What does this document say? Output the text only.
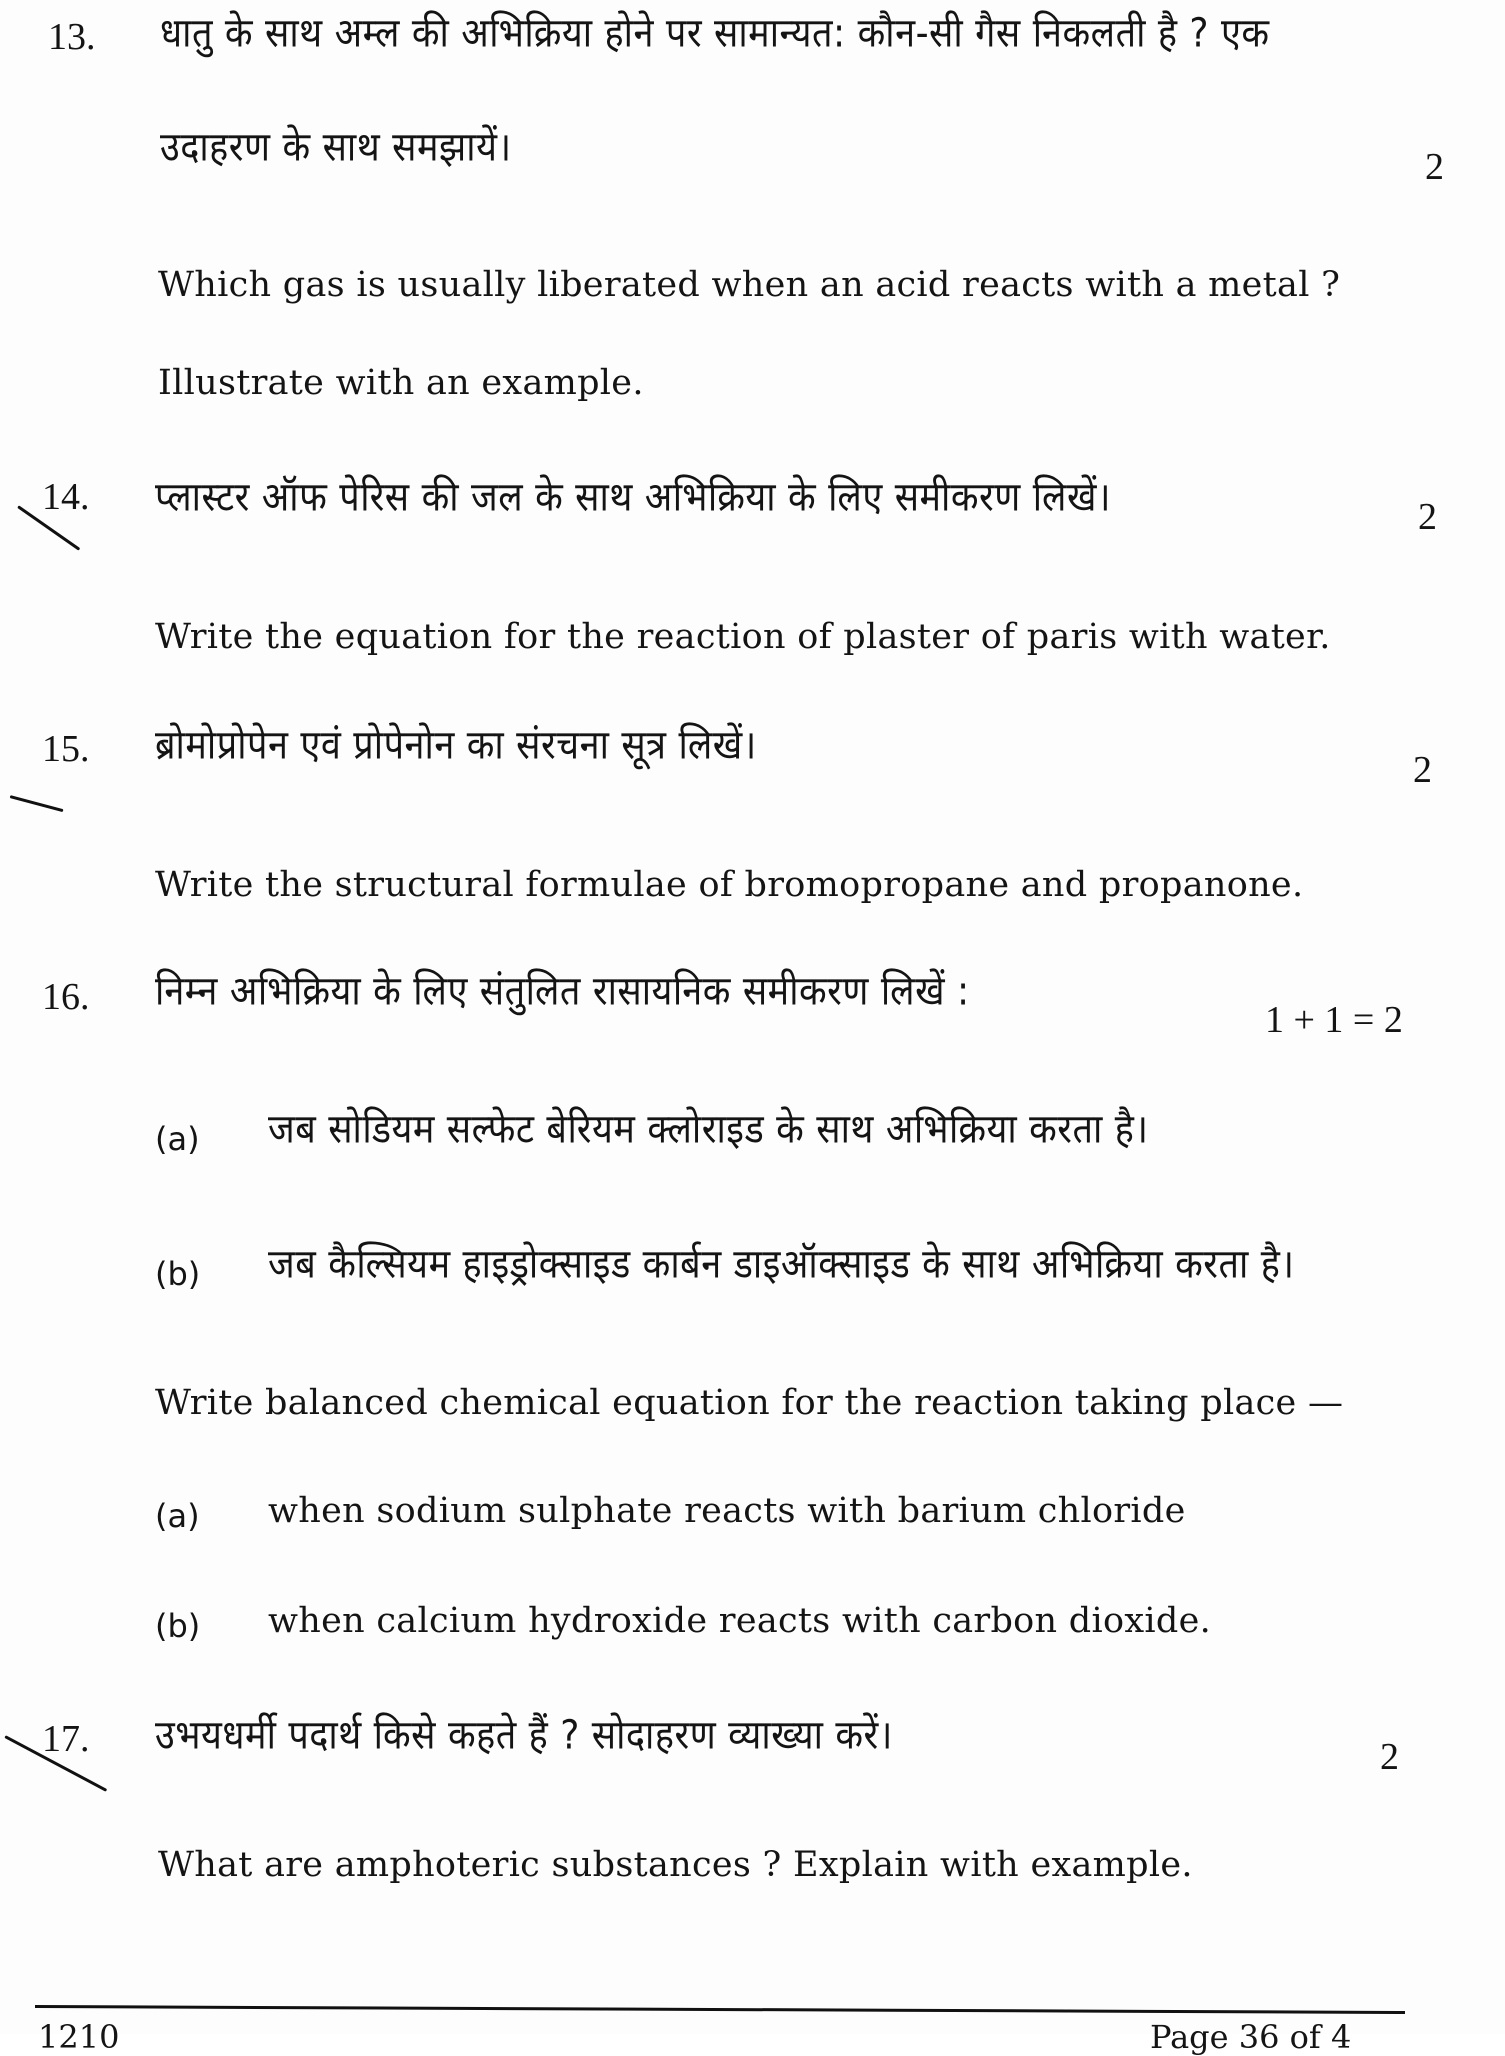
13. धातु के साथ अम्ल की अभिक्रिया होने पर सामान्यत: कौन-सी गैस निकलती है ? एक
उदाहरण के साथ समझायें।	2
Which gas is usually liberated when an acid reacts with a metal ?
Illustrate with an example.
14. प्लास्टर ऑफ पेरिस की जल के साथ अभिक्रिया के लिए समीकरण लिखें।	2
Write the equation for the reaction of plaster of paris with water.
15. ब्रोमोप्रोपेन एवं प्रोपेनोन का संरचना सूत्र लिखें।
2
Write the structural formulae of bromopropane and propanone.
16. निम्न अभिक्रिया के लिए संतुलित रासायनिक समीकरण लिखें :
1 + 1 = 2
(a) जब सोडियम सल्फेट बेरियम क्लोराइड के साथ अभिक्रिया करता है।
(b) जब कैल्सियम हाइड्रोक्साइड कार्बन डाइऑक्साइड के साथ अभिक्रिया करता है।
Write balanced chemical equation for the reaction taking place —
(a) when sodium sulphate reacts with barium chloride
(b) when calcium hydroxide reacts with carbon dioxide.
17. उभयधर्मी पदार्थ किसे कहते हैं ? सोदाहरण व्याख्या करें।	2
What are amphoteric substances ? Explain with example.
1210	Page 36 of 4
